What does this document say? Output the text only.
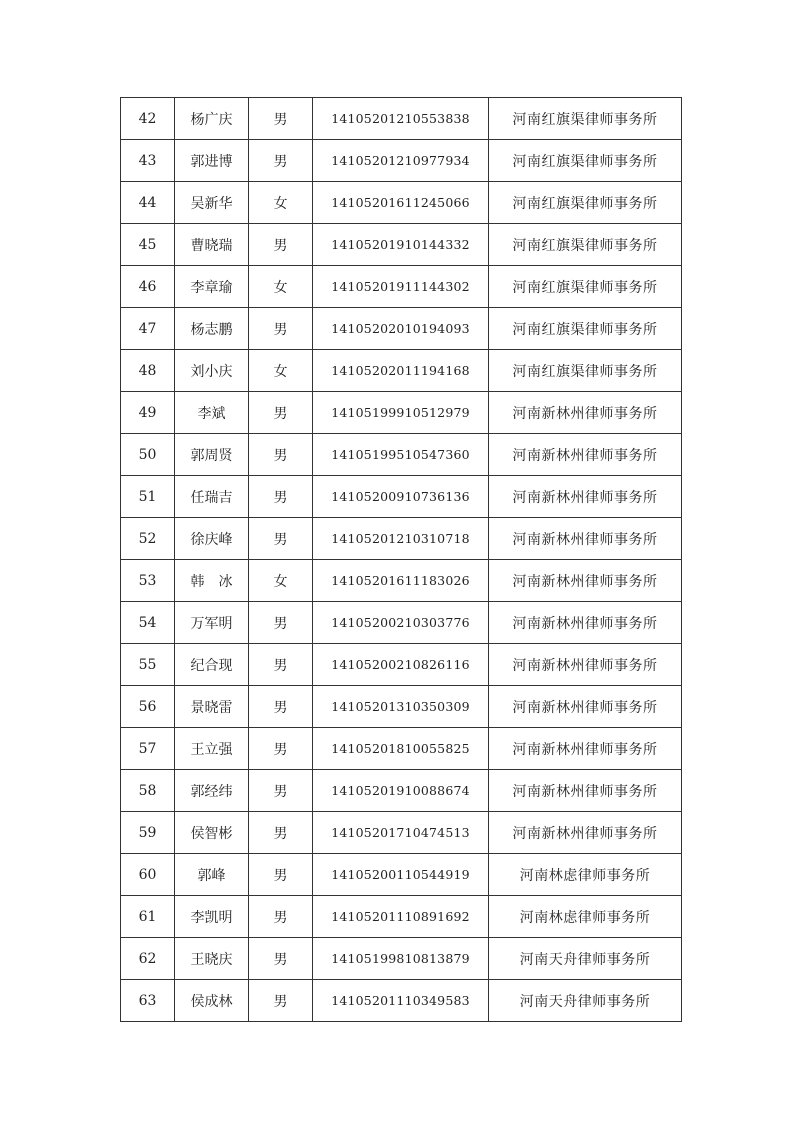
42	杨广庆	男	14105201210553838	河南红旗渠律师事务所
43	郭进博	男	14105201210977934	河南红旗渠律师事务所
44	吴新华	女	14105201611245066	河南红旗渠律师事务所
45	曹晓瑞	男	14105201910144332	河南红旗渠律师事务所
46	李章瑜	女	14105201911144302	河南红旗渠律师事务所
47	杨志鹏	男	14105202010194093	河南红旗渠律师事务所
48	刘小庆	女	14105202011194168	河南红旗渠律师事务所
49	李斌	男	14105199910512979	河南新林州律师事务所
50	郭周贤	男	14105199510547360	河南新林州律师事务所
51	任瑞吉	男	14105200910736136	河南新林州律师事务所
52	徐庆峰	男	14105201210310718	河南新林州律师事务所
53	韩　冰	女	14105201611183026	河南新林州律师事务所
54	万军明	男	14105200210303776	河南新林州律师事务所
55	纪合现	男	14105200210826116	河南新林州律师事务所
56	景晓雷	男	14105201310350309	河南新林州律师事务所
57	王立强	男	14105201810055825	河南新林州律师事务所
58	郭经纬	男	14105201910088674	河南新林州律师事务所
59	侯智彬	男	14105201710474513	河南新林州律师事务所
60	郭峰	男	14105200110544919	河南林虑律师事务所
61	李凯明	男	14105201110891692	河南林虑律师事务所
62	王晓庆	男	14105199810813879	河南天舟律师事务所
63	侯成林	男	14105201110349583	河南天舟律师事务所
